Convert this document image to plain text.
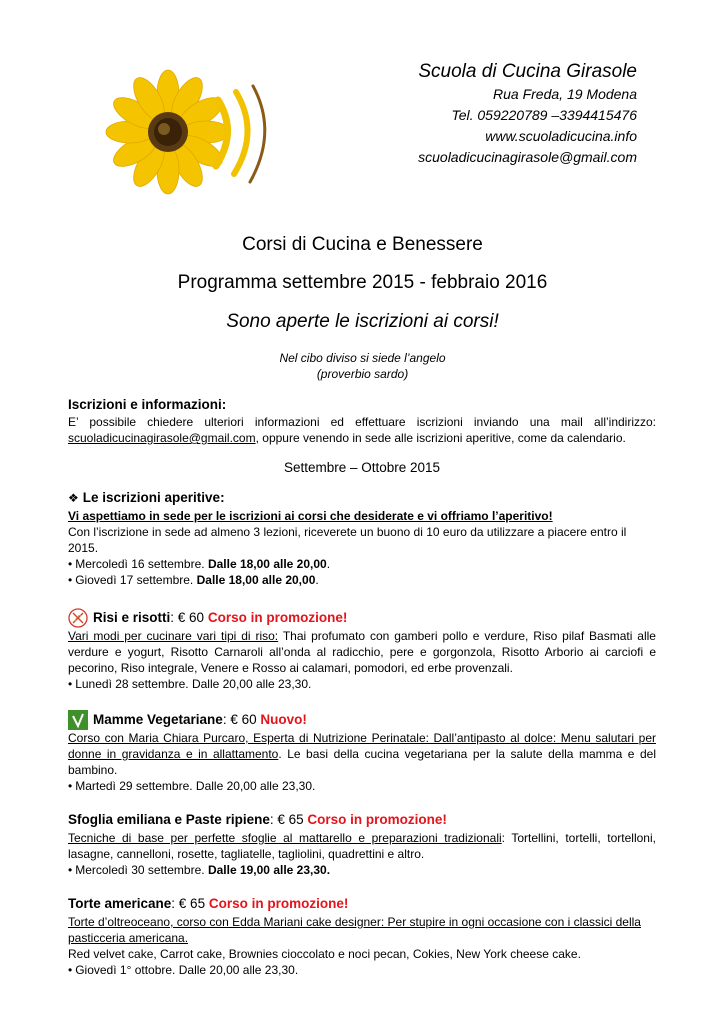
Scuola di Cucina Girasole
Rua Freda, 19 Modena
Tel. 059220789 –3394415476
www.scuoladicucina.info
scuoladicucinagirasole@gmail.com
Corsi di Cucina e Benessere
Programma settembre 2015 - febbraio 2016
Sono aperte le iscrizioni ai corsi!
Nel cibo diviso si siede l’angelo
(proverbio sardo)

Iscrizioni e informazioni:

E’ possibile chiedere ulteriori informazioni ed effettuare iscrizioni inviando una mail all’indirizzo: scuoladicucinagirasole@gmail.com, oppure venendo in sede alle iscrizioni aperitive, come da calendario.

Settembre – Ottobre 2015
❖ Le iscrizioni aperitive:

Vi aspettiamo in sede per le iscrizioni ai corsi che desiderate e vi offriamo l’aperitivo!

Con l’iscrizione in sede ad almeno 3 lezioni, riceverete un buono di 10 euro da utilizzare a piacere entro il 2015.

• Mercoledì 16 settembre. Dalle 18,00 alle 20,00.

• Giovedì 17 settembre. Dalle 18,00 alle 20,00.

Risi e risotti : € 60
Corso in promozione!

Vari modi per cucinare vari tipi di riso: Thai profumato con gamberi pollo e verdure, Riso pilaf Basmati alle verdure e yogurt, Risotto Carnaroli all’onda al radicchio, pere e gorgonzola, Risotto Arborio ai carciofi e pecorino, Riso integrale, Venere e Rosso ai calamari, pomodori, ed erbe provenzali.

• Lunedì 28 settembre. Dalle 20,00 alle 23,30.

Mamme Vegetariane : € 60
Nuovo!

Corso con Maria Chiara Purcaro, Esperta di Nutrizione Perinatale: Dall’antipasto al dolce: Menu salutari per donne in gravidanza e in allattamento. Le basi della cucina vegetariana per la salute della mamma e del bambino.

• Martedì 29 settembre. Dalle 20,00 alle 23,30.

Sfoglia emiliana e Paste ripiene : € 65
Corso in promozione!

Tecniche di base per perfette sfoglie al mattarello e preparazioni tradizionali: Tortellini, tortelli, tortelloni, lasagne, cannelloni, rosette, tagliatelle, tagliolini, quadrettini e altro.

• Mercoledì 30 settembre. Dalle 19,00 alle 23,30.

Torte americane : € 65
Corso in promozione!

Torte d’oltreoceano, corso con Edda Mariani cake designer: Per stupire in ogni occasione con i classici della pasticceria americana.

Red velvet cake, Carrot cake, Brownies cioccolato e noci pecan, Cokies, New York cheese cake.

• Giovedì 1° ottobre. Dalle 20,00 alle 23,30.
